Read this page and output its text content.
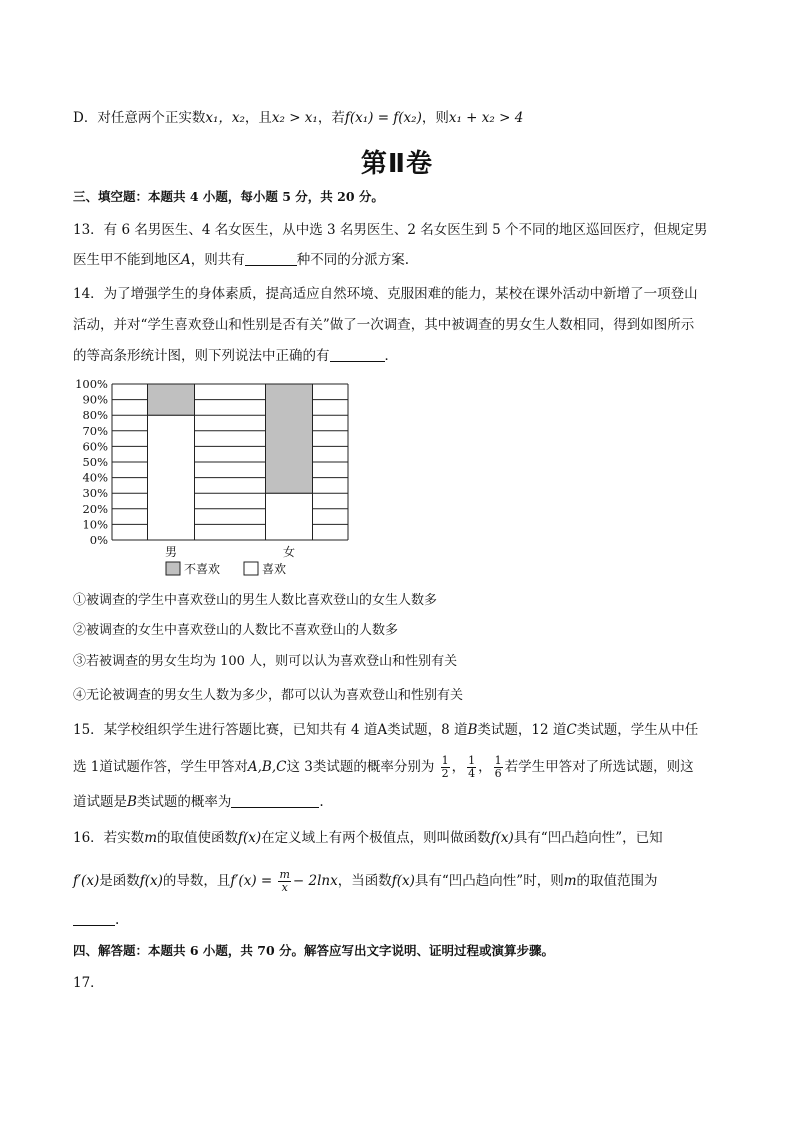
D．对任意两个正实数x₁，x₂，且x₂ > x₁，若f(x₁) = f(x₂)，则x₁ + x₂ > 4
第Ⅱ卷
三、填空题：本题共 4 小题，每小题 5 分，共 20 分。
13．有 6 名男医生、4 名女医生，从中选 3 名男医生、2 名女医生到 5 个不同的地区巡回医疗，但规定男
医生甲不能到地区A，则共有	种不同的分派方案.
14．为了增强学生的身体素质，提高适应自然环境、克服困难的能力，某校在课外活动中新增了一项登山
活动，并对“学生喜欢登山和性别是否有关”做了一次调查，其中被调查的男女生人数相同，得到如图所示
的等高条形统计图，则下列说法中正确的有	．
0%
10%
20%
30%
40%
50%
60%
70%
80%
90%
100%
男	女
不喜欢	喜欢
①被调查的学生中喜欢登山的男生人数比喜欢登山的女生人数多
②被调查的女生中喜欢登山的人数比不喜欢登山的人数多
③若被调查的男女生均为 100 人，则可以认为喜欢登山和性别有关
④无论被调查的男女生人数为多少，都可以认为喜欢登山和性别有关
15．某学校组织学生进行答题比赛，已知共有 4 道A类试题，8 道B类试题，12 道C类试题，学生从中任
选 1道试题作答，学生甲答对A,B,C这 3类试题的概率分别为 $\frac{1}{2}$ ， $\frac{1}{4}$ ， $\frac{1}{6}$ 若学生甲答对了所选试题，则这
道试题是B类试题的概率为	.
16．若实数m的取值使函数f(x)在定义域上有两个极值点，则叫做函数f(x)具有“凹凸趋向性”，已知
f′(x)是函数f(x)的导数，且$f'(x) = \frac{m}{x} - 2\ln x$，当函数f(x)具有“凹凸趋向性”时，则m的取值范围为
.
四、解答题：本题共 6 小题，共 70 分。解答应写出文字说明、证明过程或演算步骤。
17．
